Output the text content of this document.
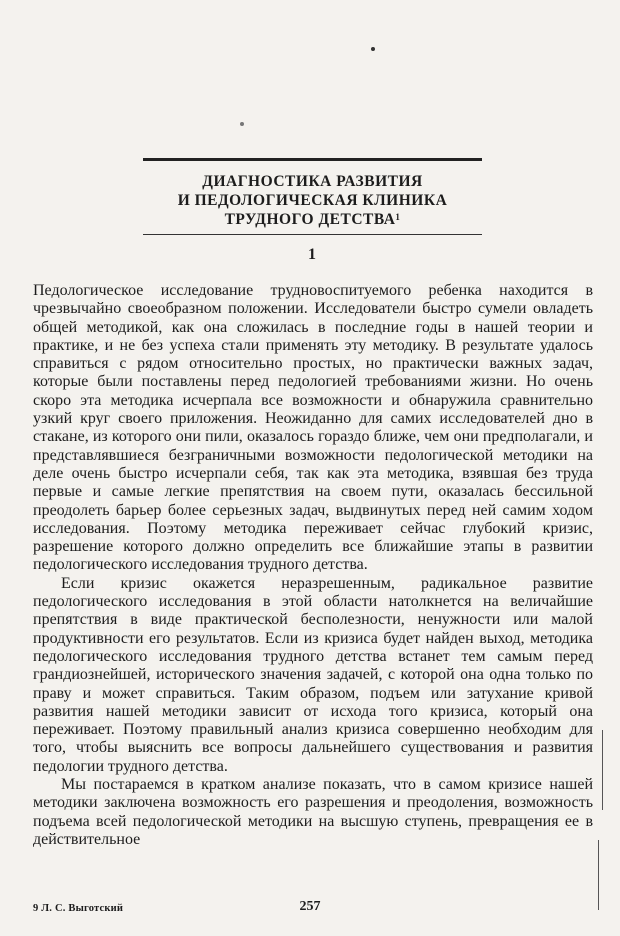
ДИАГНОСТИКА РАЗВИТИЯ
И ПЕДОЛОГИЧЕСКАЯ КЛИНИКА
ТРУДНОГО ДЕТСТВА$^1$
1

Педологическое исследование трудновоспитуемого ребенка находится в чрезвычайно своеобразном положении. Исследователи быстро сумели овладеть общей методикой, как она сложилась в последние годы в нашей теории и практике, и не без успеха стали применять эту методику. В результате удалось справиться с рядом относительно простых, но практически важных задач, которые были поставлены перед педологией требованиями жизни. Но очень скоро эта методика исчерпала все возможности и обнаружила сравнительно узкий круг своего приложения. Неожиданно для самих исследователей дно в стакане, из которого они пили, оказалось гораздо ближе, чем они предполагали, и представлявшиеся безграничными возможности педологической методики на деле очень быстро исчерпали себя, так как эта методика, взявшая без труда первые и самые легкие препятствия на своем пути, оказалась бессильной преодолеть барьер более серьезных задач, выдвинутых перед ней самим ходом исследования. Поэтому методика переживает сейчас глубокий кризис, разрешение которого должно определить все ближайшие этапы в развитии педологического исследования трудного детства.

Если кризис окажется неразрешенным, радикальное развитие педологического исследования в этой области натолкнется на величайшие препятствия в виде практической бесполезности, ненужности или малой продуктивности его результатов. Если из кризиса будет найден выход, методика педологического исследования трудного детства встанет тем самым перед грандиознейшей, исторического значения задачей, с которой она одна только по праву и может справиться. Таким образом, подъем или затухание кривой развития нашей методики зависит от исхода того кризиса, который она переживает. Поэтому правильный анализ кризиса совершенно необходим для того, чтобы выяснить все вопросы дальнейшего существования и развития педологии трудного детства.

Мы постараемся в кратком анализе показать, что в самом кризисе нашей методики заключена возможность его разрешения и преодоления, возможность подъема всей педологической методики на высшую ступень, превращения ее в действительное

9 Л. С. Выготский	257
